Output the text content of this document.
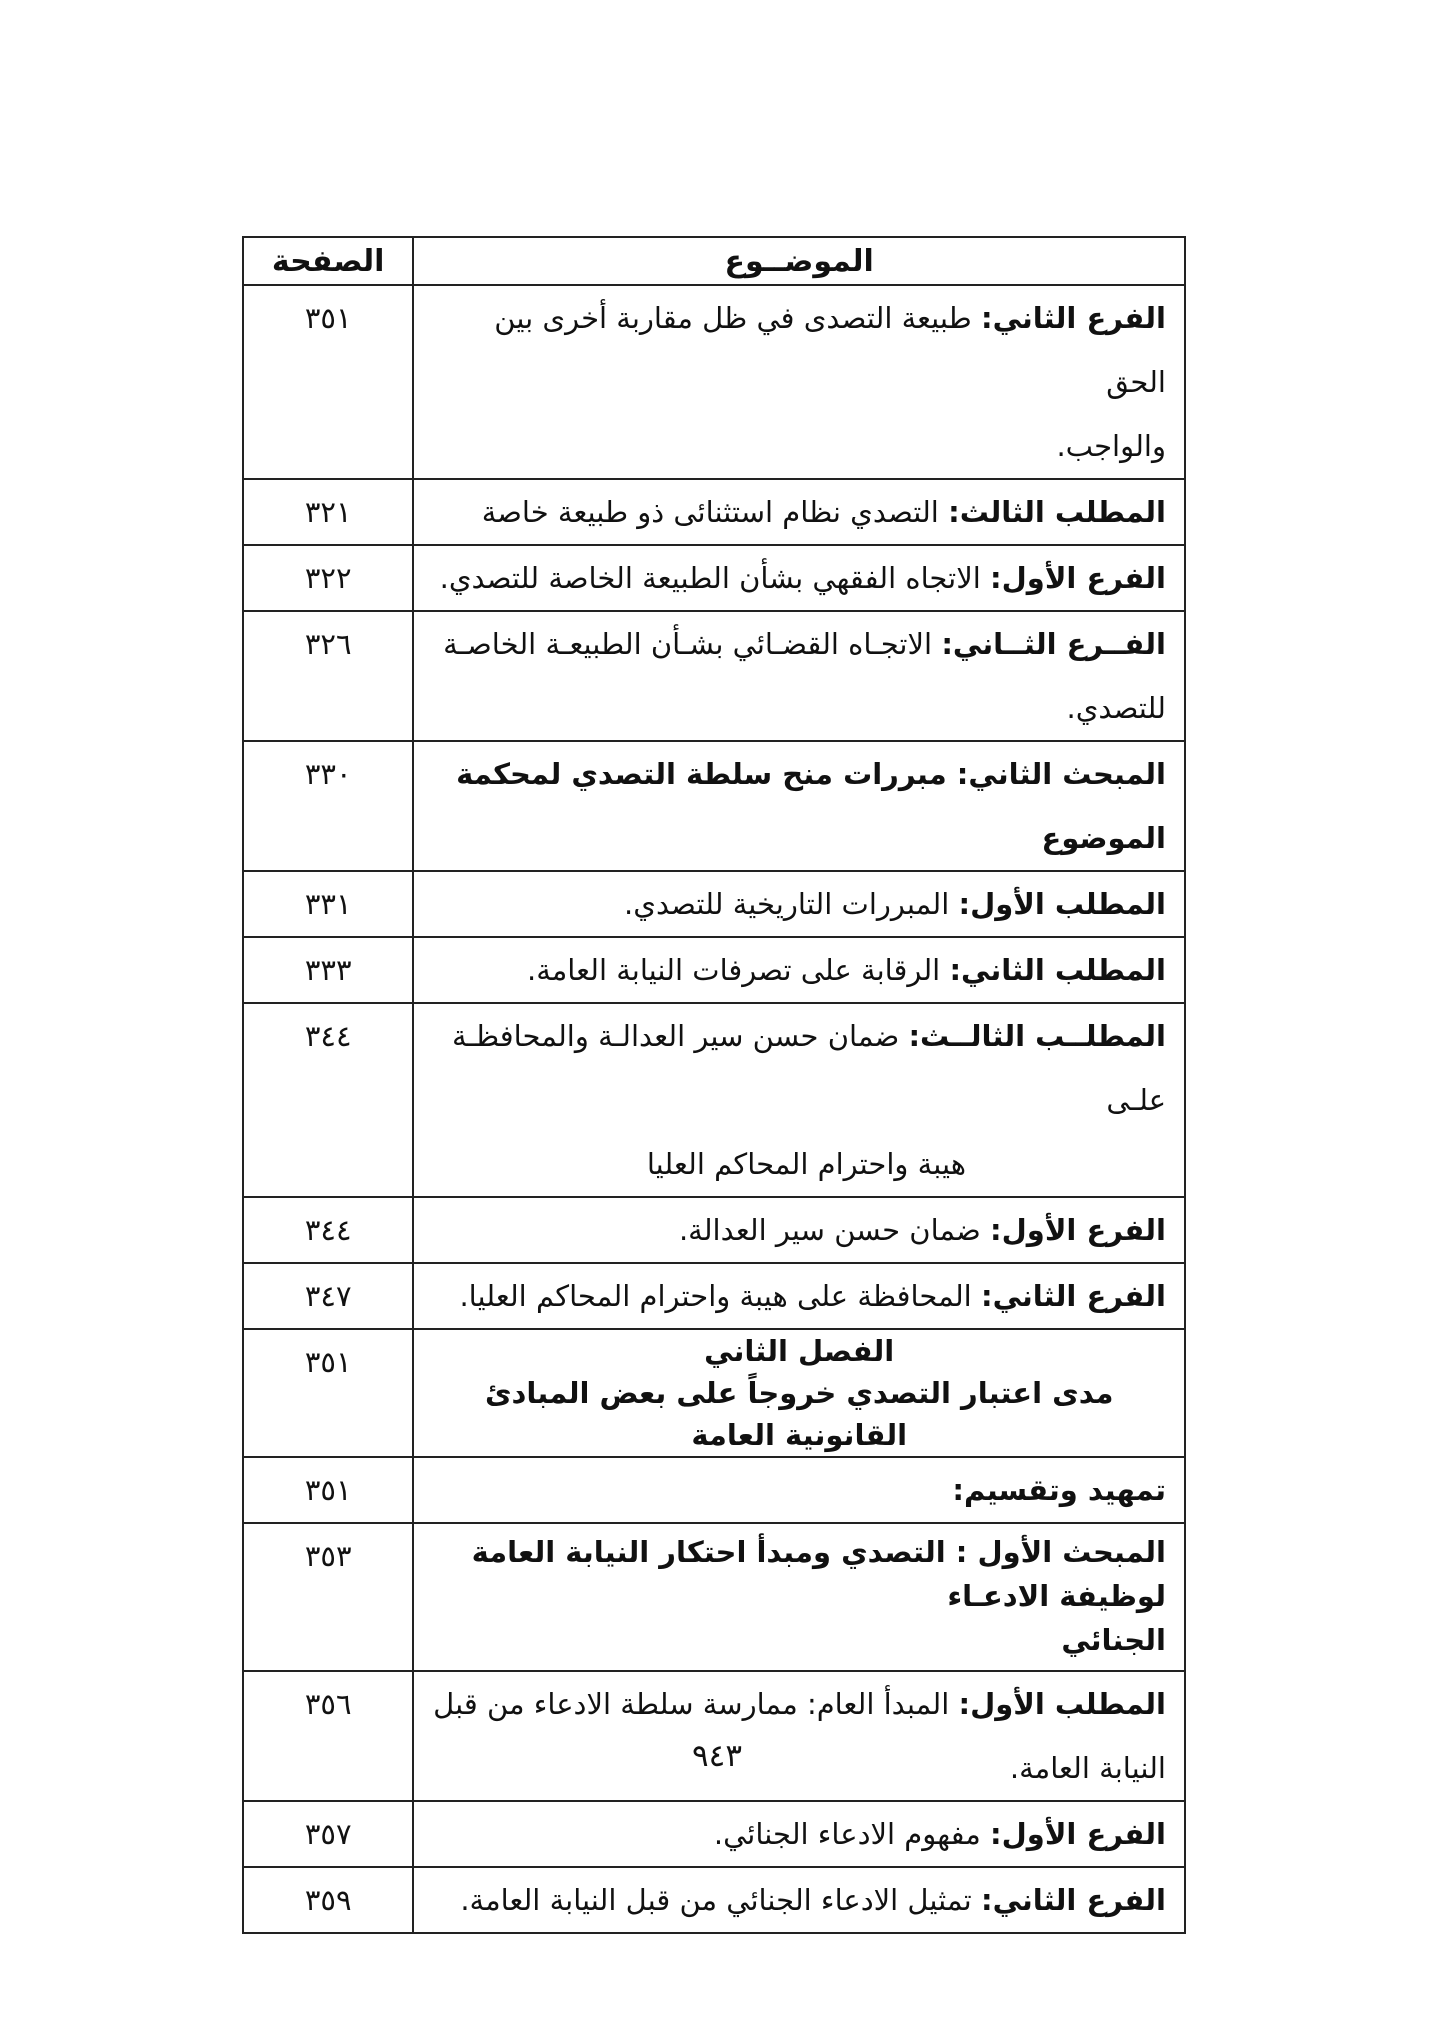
الموضــوع	الصفحة

الفرع الثاني: طبيعة التصدى في ظل مقاربة أخرى بين الحق
والواجب.	٣٥١

المطلب الثالث: التصدي نظام استثنائى ذو طبيعة خاصة	٣٢١

الفرع الأول: الاتجاه الفقهي بشأن الطبيعة الخاصة للتصدي.	٣٢٢

الفــرع الثــاني: الاتجـاه القضـائي بشـأن الطبيعـة الخاصـة
للتصدي.	٣٢٦

المبحث الثاني: مبررات منح سلطة التصدي لمحكمة الموضوع	٣٣٠

المطلب الأول: المبررات التاريخية للتصدي.	٣٣١

المطلب الثاني: الرقابة على تصرفات النيابة العامة.	٣٣٣

المطلــب الثالــث: ضمان حسن سير العدالـة والمحافظـة علـى
هيبة واحترام المحاكم العليا	٣٤٤

الفرع الأول: ضمان حسن سير العدالة.	٣٤٤

الفرع الثاني: المحافظة على هيبة واحترام المحاكم العليا.	٣٤٧

الفصل الثاني
مدى اعتبار التصدي خروجاً على بعض المبادئ القانونية العامة	٣٥١

تمهيد وتقسيم:	٣٥١

المبحث الأول : التصدي ومبدأ احتكار النيابة العامة لوظيفة الادعـاء
الجنائي	٣٥٣

المطلب الأول: المبدأ العام: ممارسة سلطة الادعاء من قبل
النيابة العامة.	٣٥٦

الفرع الأول: مفهوم الادعاء الجنائي.	٣٥٧

الفرع الثاني: تمثيل الادعاء الجنائي من قبل النيابة العامة.	٣٥٩
٩٤٣
